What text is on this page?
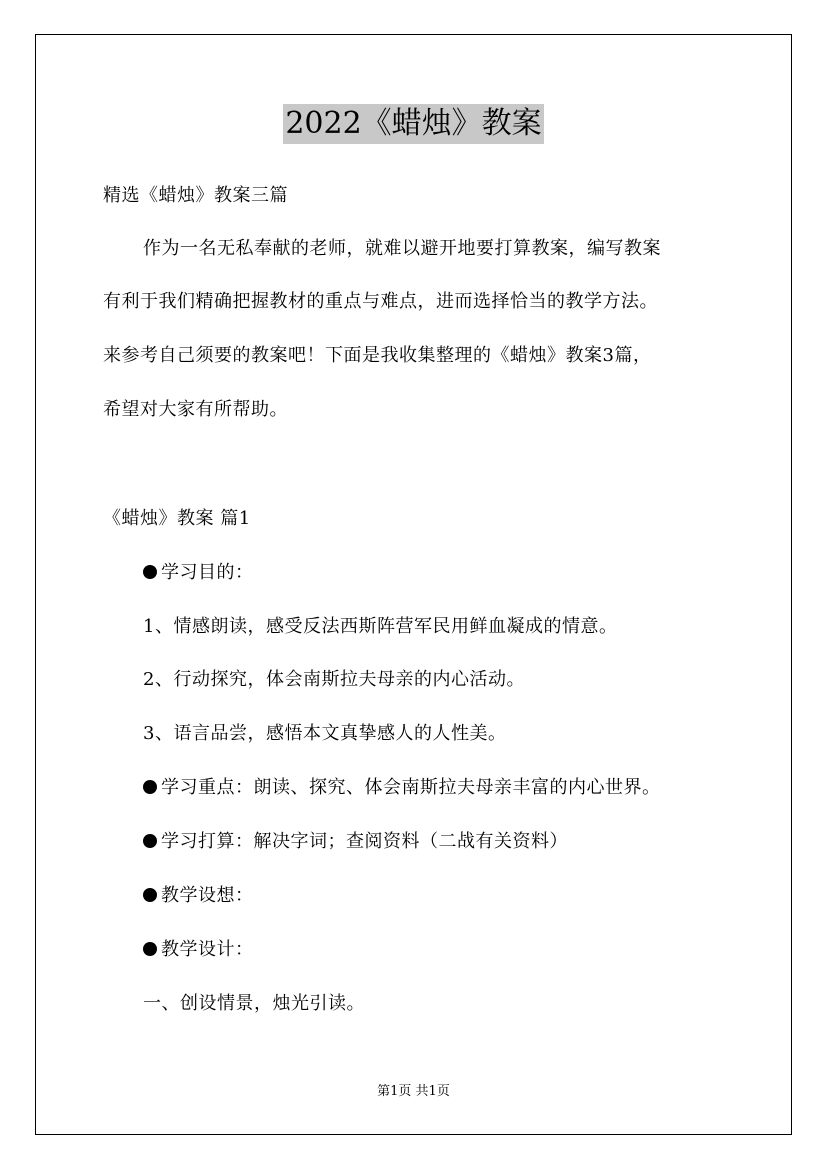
2022《蜡烛》教案
精选《蜡烛》教案三篇
作为一名无私奉献的老师，就难以避开地要打算教案，编写教案
有利于我们精确把握教材的重点与难点，进而选择恰当的教学方法。
来参考自己须要的教案吧！下面是我收集整理的《蜡烛》教案3篇，
希望对大家有所帮助。
《蜡烛》教案 篇1
学习目的：
1、情感朗读，感受反法西斯阵营军民用鲜血凝成的情意。
2、行动探究，体会南斯拉夫母亲的内心活动。
3、语言品尝，感悟本文真挚感人的人性美。
学习重点：朗读、探究、体会南斯拉夫母亲丰富的内心世界。
学习打算：解决字词；查阅资料（二战有关资料）
教学设想：
教学设计：
一、创设情景，烛光引读。
第1页 共1页
